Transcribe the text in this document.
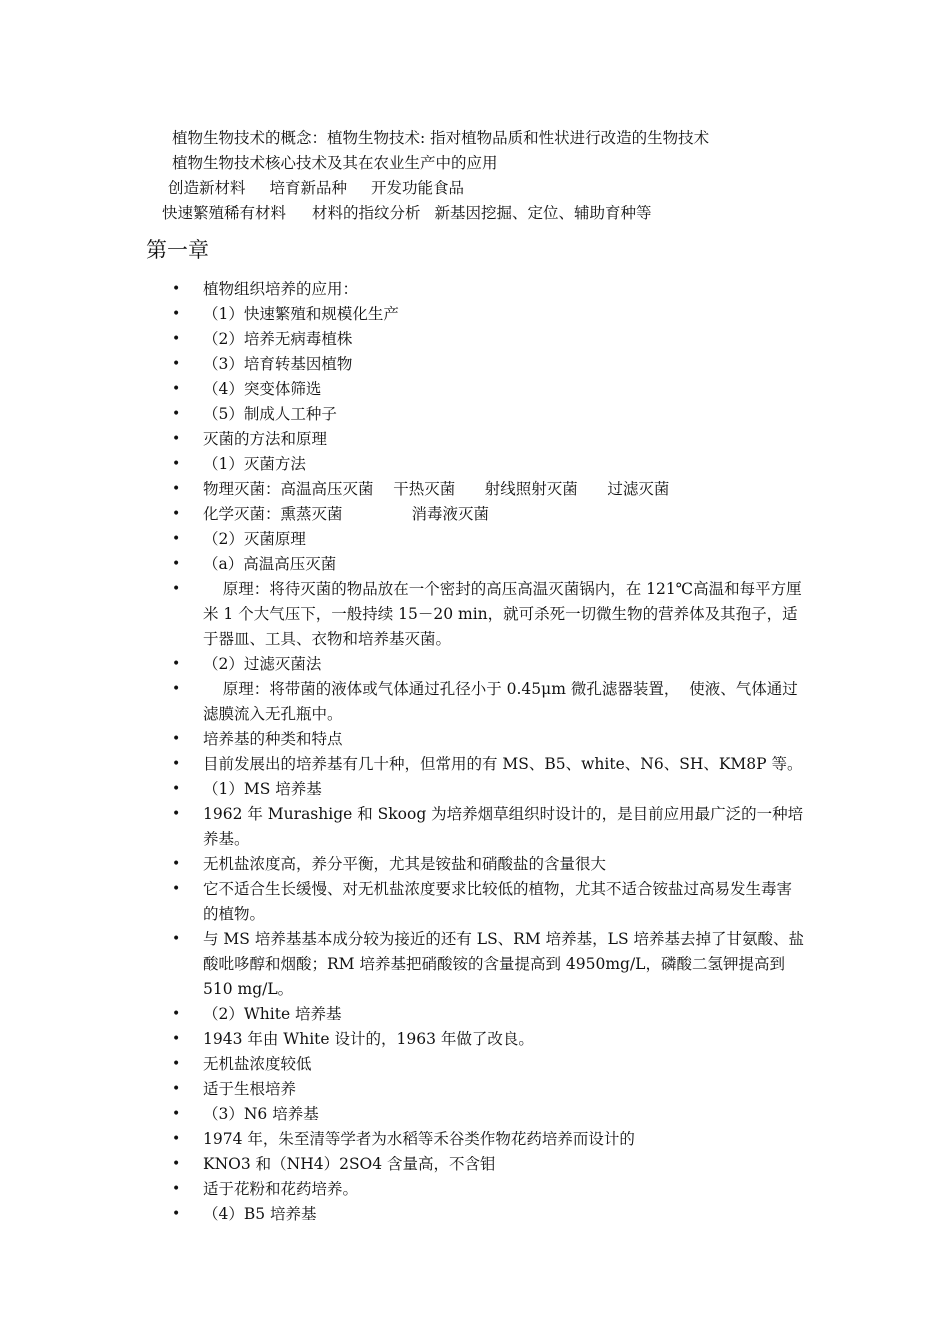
植物生物技术的概念：植物生物技术: 指对植物品质和性状进行改造的生物技术
植物生物技术核心技术及其在农业生产中的应用
创造新材料 培育新品种 开发功能食品
快速繁殖稀有材料 材料的指纹分析 新基因挖掘、定位、辅助育种等
第一章
• 植物组织培养的应用：
• （1）快速繁殖和规模化生产
• （2）培养无病毒植株
• （3）培育转基因植物
• （4）突变体筛选
• （5）制成人工种子
• 灭菌的方法和原理
• （1）灭菌方法
• 物理灭菌：高温高压灭菌    干热灭菌      射线照射灭菌      过滤灭菌
• 化学灭菌：熏蒸灭菌              消毒液灭菌
• （2）灭菌原理
• （a）高温高压灭菌
• 原理：将待灭菌的物品放在一个密封的高压高温灭菌锅内，在 121℃高温和每平方厘米 1 个大气压下，一般持续 15－20 min，就可杀死一切微生物的营养体及其孢子，适于器皿、工具、衣物和培养基灭菌。
• （2）过滤灭菌法
• 原理：将带菌的液体或气体通过孔径小于 0.45μm 微孔滤器装置，  使液、气体通过滤膜流入无孔瓶中。
• 培养基的种类和特点
• 目前发展出的培养基有几十种，但常用的有 MS、B5、white、N6、SH、KM8P 等。
• （1）MS 培养基
• 1962 年 Murashige 和 Skoog 为培养烟草组织时设计的，是目前应用最广泛的一种培养基。
• 无机盐浓度高，养分平衡，尤其是铵盐和硝酸盐的含量很大
• 它不适合生长缓慢、对无机盐浓度要求比较低的植物，尤其不适合铵盐过高易发生毒害的植物。
• 与 MS 培养基基本成分较为接近的还有 LS、RM 培养基，LS 培养基去掉了甘氨酸、盐酸吡哆醇和烟酸；RM 培养基把硝酸铵的含量提高到 4950mg/L，磷酸二氢钾提高到 510 mg/L。
• （2）White 培养基
• 1943 年由 White 设计的，1963 年做了改良。
• 无机盐浓度较低
• 适于生根培养
• （3）N6 培养基
• 1974 年，朱至清等学者为水稻等禾谷类作物花药培养而设计的
• KNO3 和（NH4）2SO4 含量高，不含钼
• 适于花粉和花药培养。
• （4）B5 培养基
